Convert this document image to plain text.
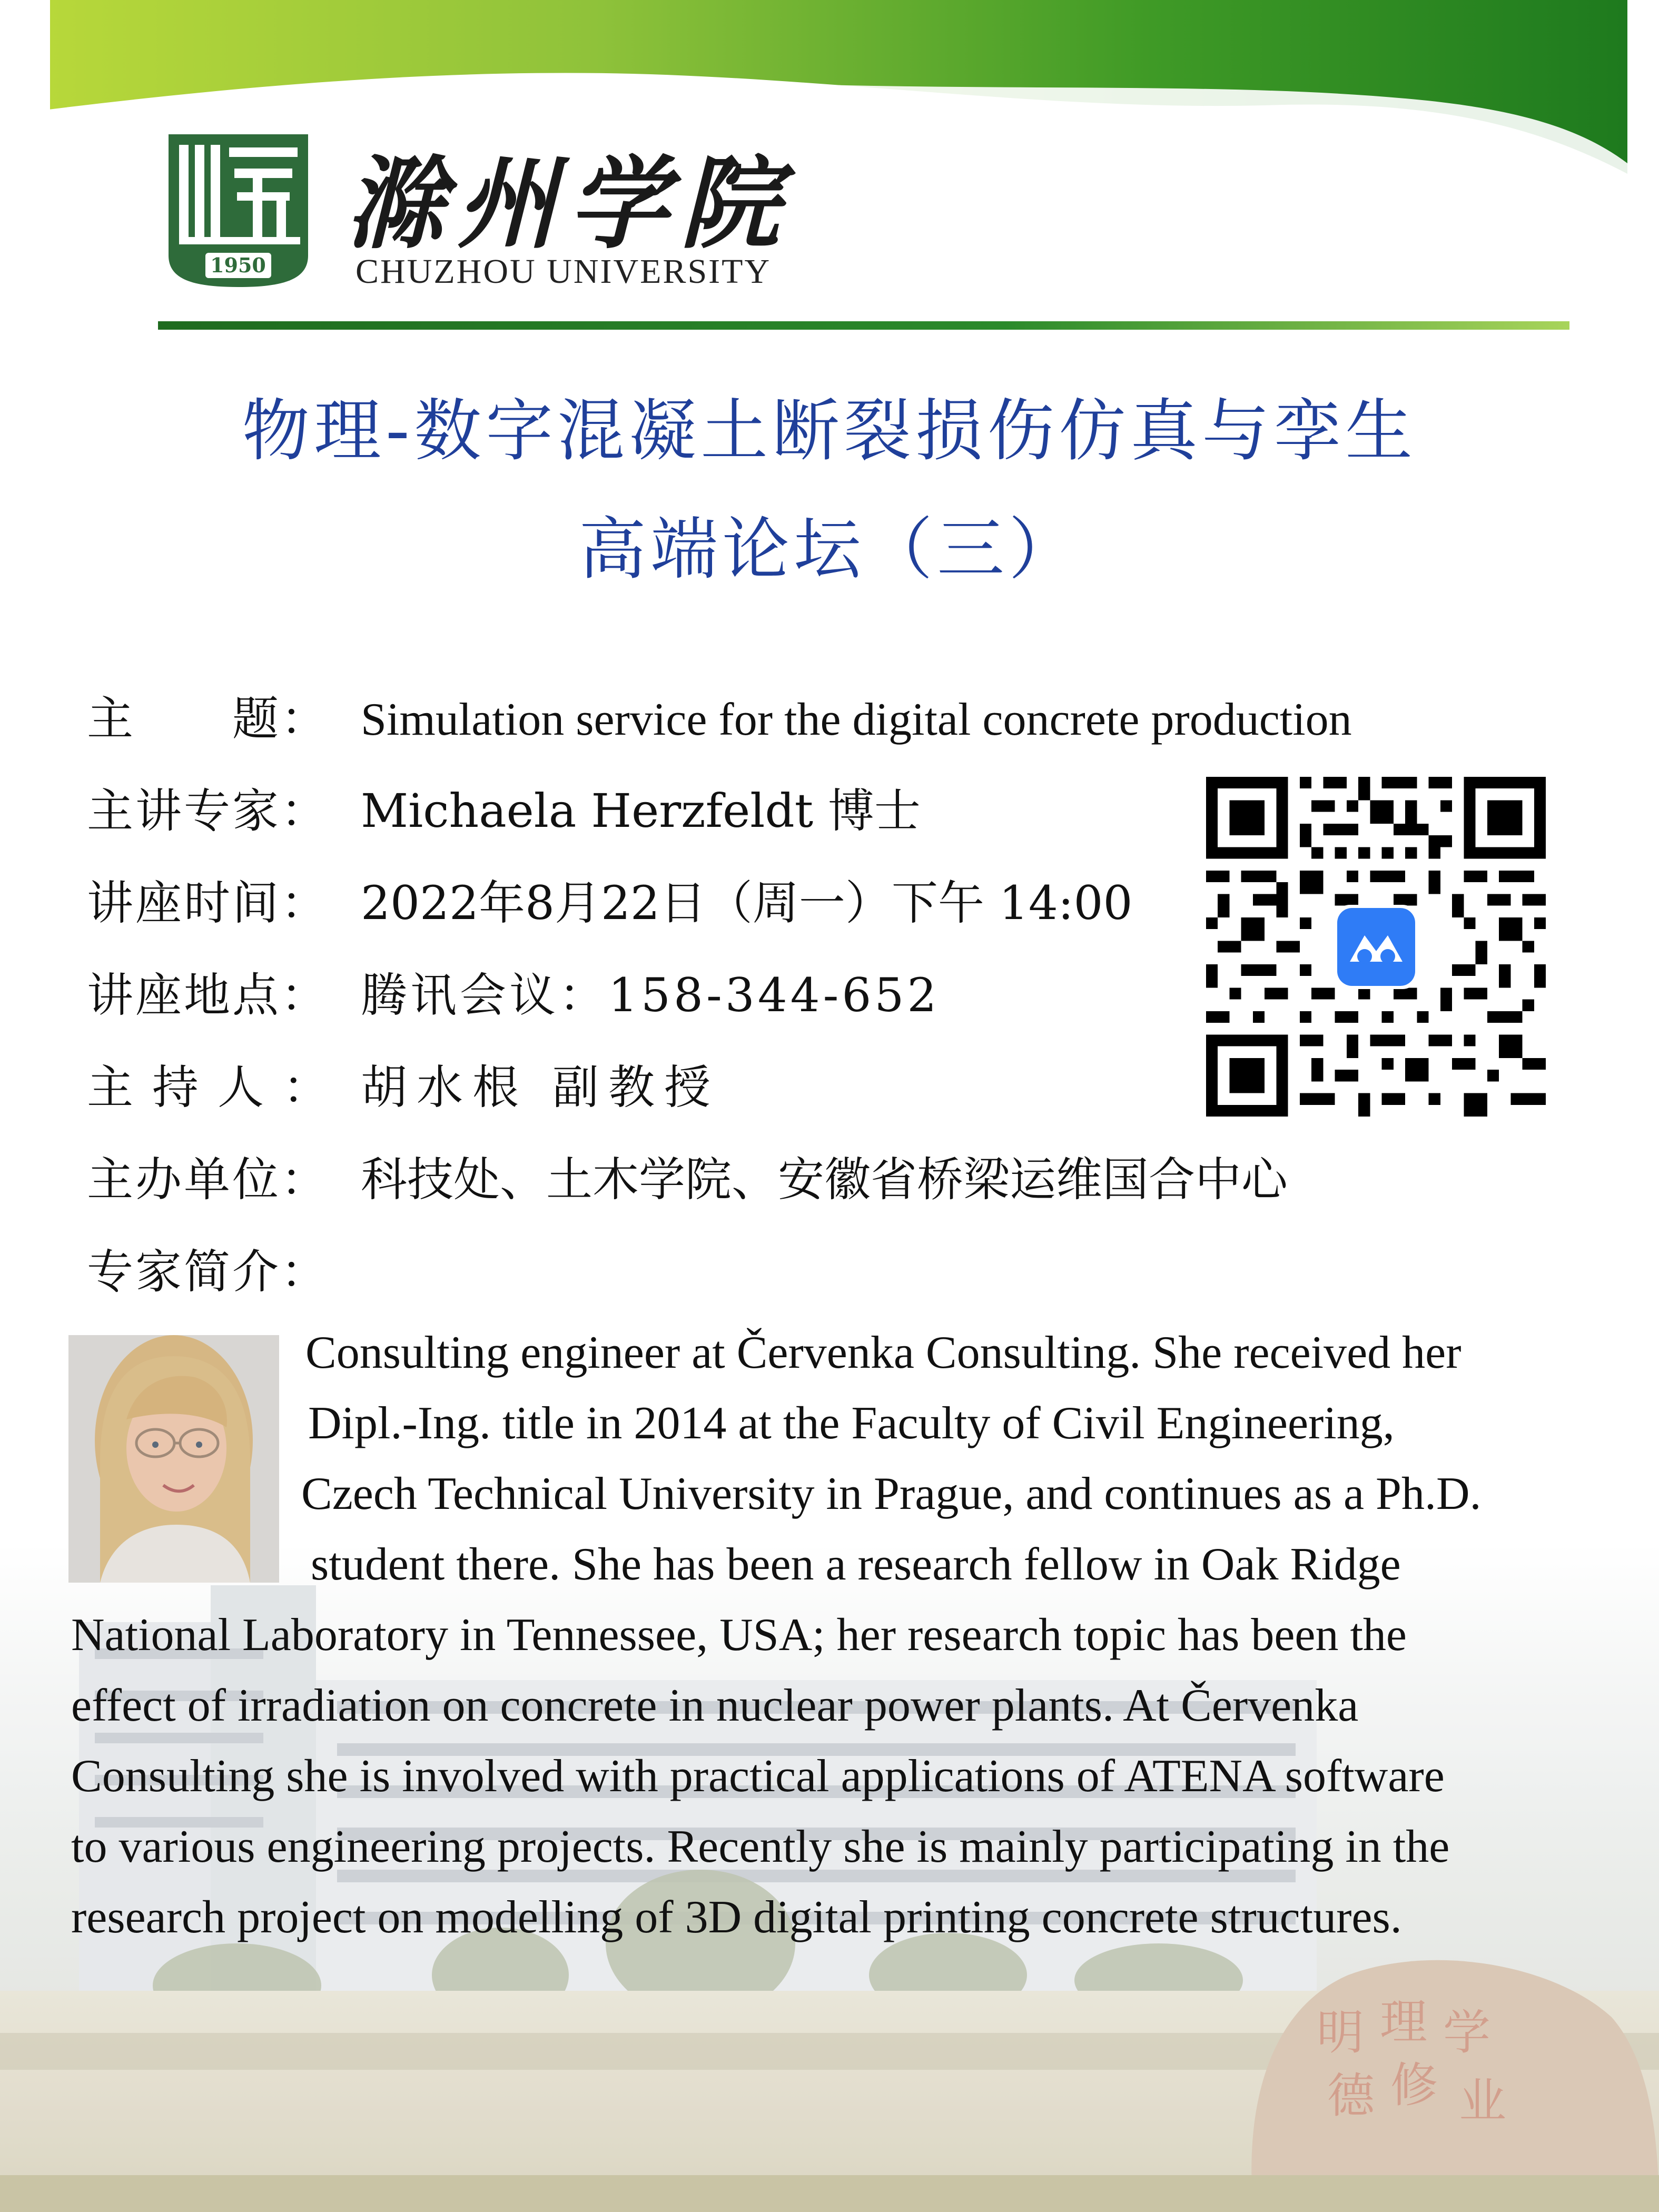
明 理 学
德 修 业
1950
滁州学院
CHUZHOU UNIVERSITY
物理-数字混凝土断裂损伤仿真与孪生
高端论坛（三）
主　　题： Simulation service for the digital concrete production
主讲专家： Michaela Herzfeldt 博士
讲座时间： 2022年8月22日（周一）下午 14:00
讲座地点： 腾讯会议：158-344-652
主 持 人 ： 胡水根 副教授
主办单位： 科技处、土木学院、安徽省桥梁运维国合中心
专家简介：
Consulting engineer at Červenka Consulting. She received her
Dipl.-Ing. title in 2014 at the Faculty of Civil Engineering,
Czech Technical University in Prague, and continues as a Ph.D.
student there. She has been a research fellow in Oak Ridge
National Laboratory in Tennessee, USA; her research topic has been the
effect of irradiation on concrete in nuclear power plants. At Červenka
Consulting she is involved with practical applications of ATENA software
to various engineering projects. Recently she is mainly participating in the
research project on modelling of 3D digital printing concrete structures.
